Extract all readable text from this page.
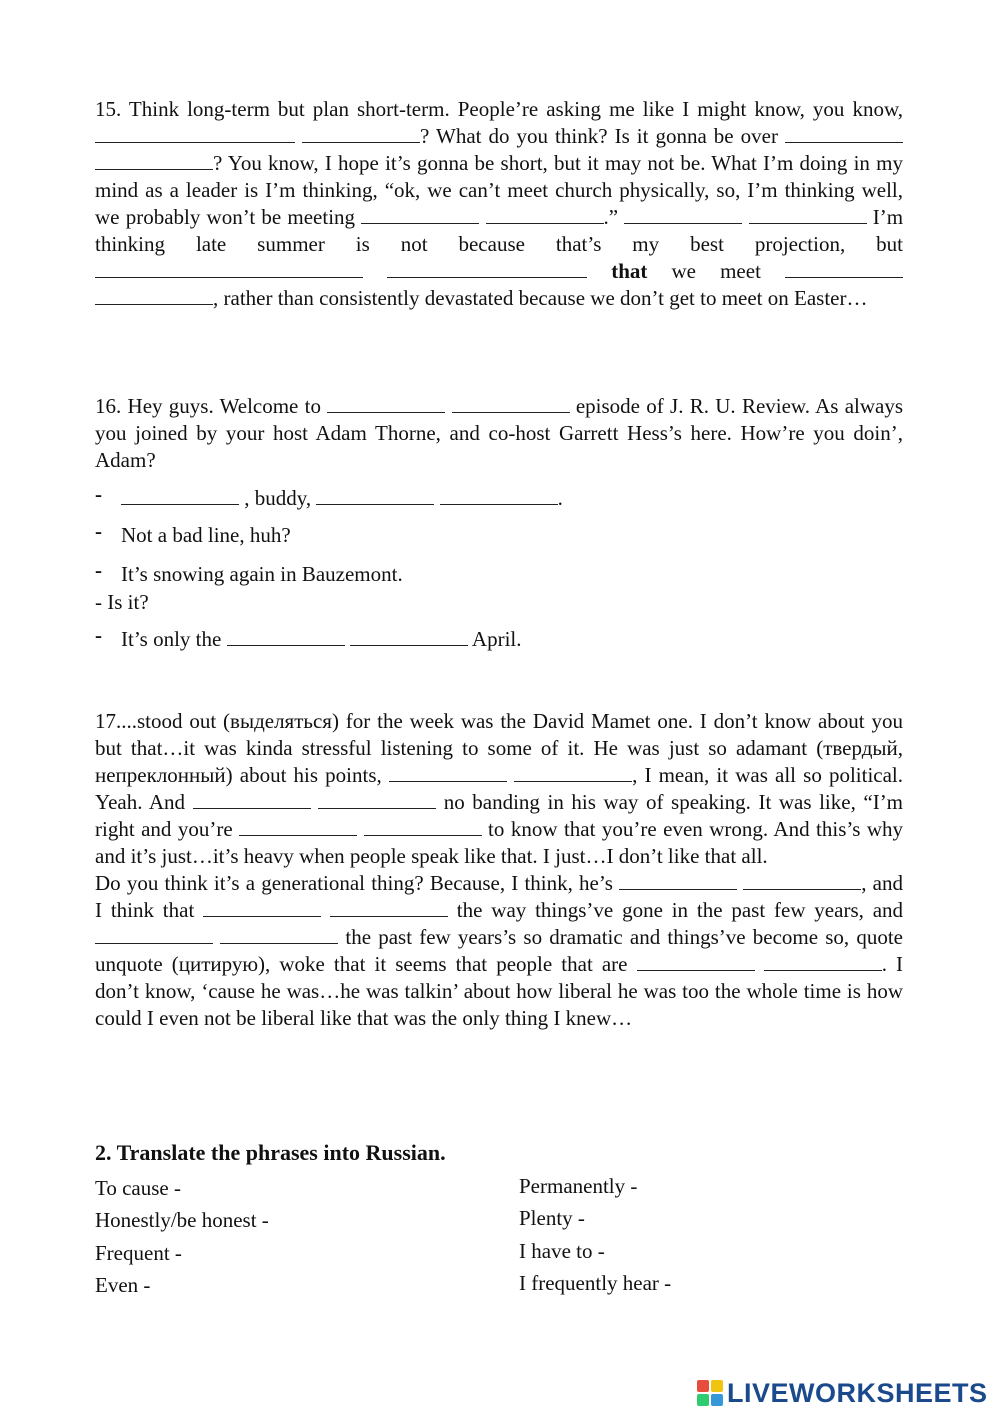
15. Think long-term but plan short-term. People’re asking me like I might know, you know,  ? What do you think? Is it gonna be over  ? You know, I hope it’s gonna be short, but it may not be. What I’m doing in my mind as a leader is I’m thinking, “ok, we can’t meet church physically, so, I’m thinking well, we probably won’t be meeting	.”	I’m thinking late summer is not because that’s my best projection, but   that we meet  , rather than consistently devastated because we don’t get to meet on Easter…
16. Hey guys. Welcome to	episode of J. R. U. Review. As always you joined by your host Adam Thorne, and co-host Garrett Hess’s here. How’re you doin’, Adam?
-	, buddy,	.
- Not a bad line, huh?
- It’s snowing again in Bauzemont.
- Is it?
- It’s only the	April.
17....stood out (выделяться) for the week was the David Mamet one. I don’t know about you but that…it was kinda stressful listening to some of it. He was just so adamant (твердый, непреклонный) about his points,	, I mean, it was all so political. Yeah. And	no banding in his way of speaking. It was like, “I’m right and you’re	to know that you’re even wrong. And this’s why and it’s just…it’s heavy when people speak like that. I just…I don’t like that all.
Do you think it’s a generational thing? Because, I think, he’s	, and I think that	the way things’ve gone in the past few years, and   the past few years’s so dramatic and things’ve become so, quote unquote (цитирую), woke that it seems that people that are	. I don’t know, ‘cause he was…he was talkin’ about how liberal he was too the whole time is how could I even not be liberal like that was the only thing I knew…
2. Translate the phrases into Russian.
To cause -
Honestly/be honest -
Frequent -
Even -
Permanently -
Plenty -
I have to -
I frequently hear -
LIVEWORKSHEETS
